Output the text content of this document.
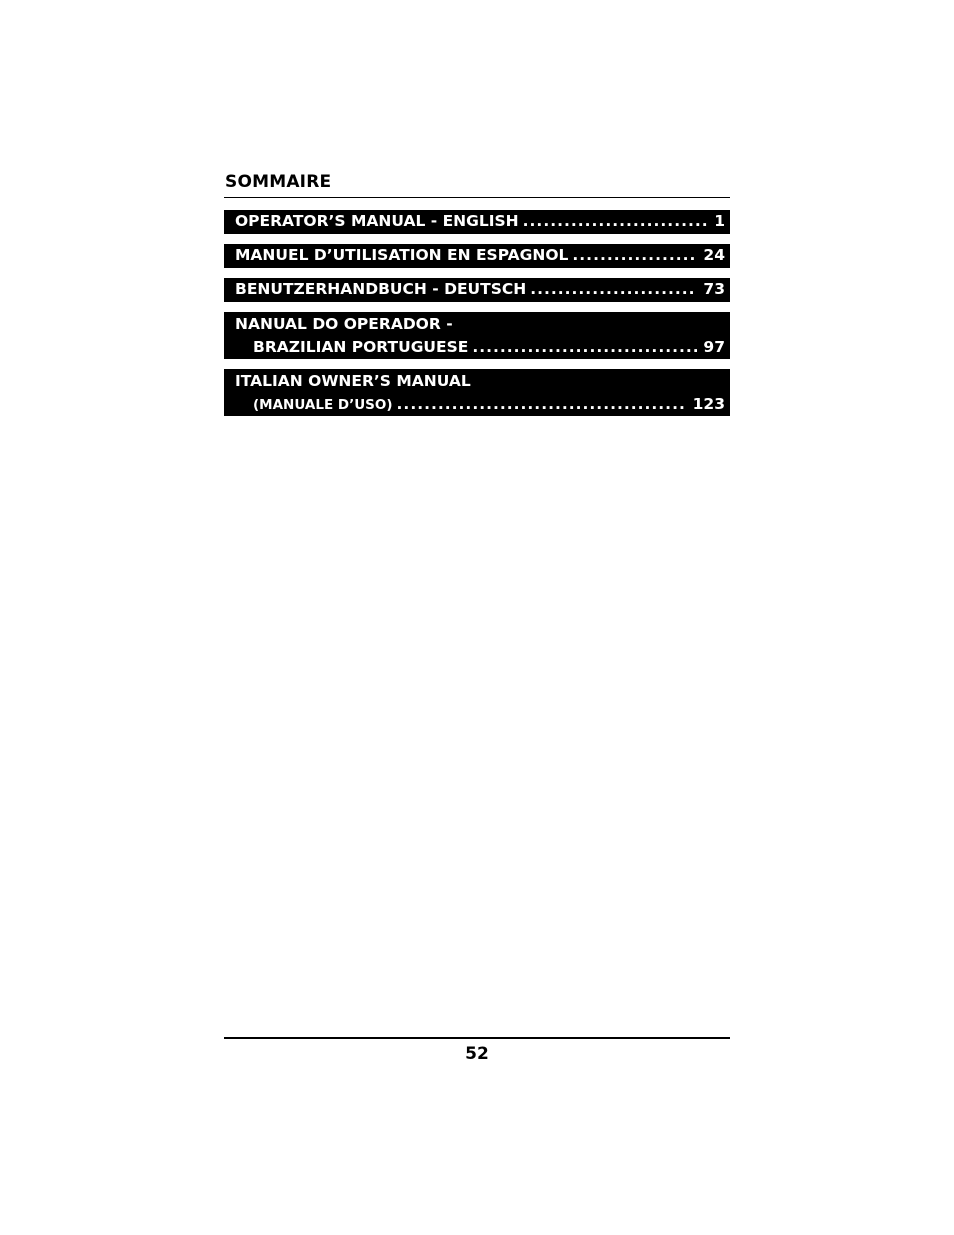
SOMMAIRE
OPERATOR’S MANUAL - ENGLISH .....	1
MANUEL D’UTILISATION EN ESPAGNOL .....	24
BENUTZERHANDBUCH - DEUTSCH .....	73
NANUAL DO OPERADOR -
BRAZILIAN PORTUGUESE .....	97
ITALIAN OWNER’S MANUAL
(MANUALE D’USO) .....	123
52
